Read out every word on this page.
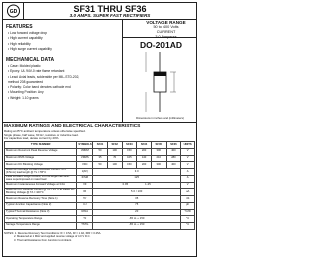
GD	SF31 THRU SF36
3.0 AMPS. SUPER FAST RECTIFIERS
FEATURES
• Low forward voltage drop
• High current capability
• High reliability
• High surge current capability
MECHANICAL DATA
• Case: Molded plastic
• Epoxy: UL 94V-0 rate flame retardant
• Lead: Axial leads, solderable per MIL-STD-202,
method 208 guaranteed
• Polarity: Color band denotes cathode end
• Mounting Position: Any
• Weight: 1.10 grams
VOLTAGE RANGE
50 to 400 Volts
CURRENT
3.0 Amperes
DO-201AD
Dimensions in inches and (millimeters)
MAXIMUM RATINGS AND ELECTRICAL CHARACTERISTICS
Rating at 25°C ambient temperature unless otherwise specified.
Single phase, half wave, 60 Hz, resistive or inductive load.
For capacitive load, derate current by 20%.
TYPE NUMBER	SYMBOLS	SF31	SF32	SF33	SF34	SF35	SF36	UNITS
Maximum Recurrent Peak Reverse Voltage	VRRM	50	100	150	200	300	400	V
Maximum RMS Voltage	VRMS	35	70	105	140	210	280	V
Maximum DC Blocking Voltage	VDC	50	100	150	200	300	400	V
Maximum Average Forward Rectified Current .375" (9.5mm) lead length @ TL = 55°C	I(AV)	3.0						A
Peak Forward Surge Current, 8.3 ms single half sine-wave superimposed on rated load	IFSM	125						A
Maximum Instantaneous Forward Voltage at 3.0A	VF	0.95                    1.25						V
Maximum DC Reverse Current @ TA = 25°C at Rated DC Blocking Voltage @ TA = 100°C	IR	5.0 / 100						uA
Maximum Reverse Recovery Time (Note 1)	Trr	35						nS
Typical Junction Capacitance (Note 2)	CJ	75						pF
Typical Thermal Resistance (Note 3)	RθJA	20						°C/W
Operating Temperature Range	TJ	-65 to + 150						°C
Storage Temperature Range	TSTG	-65 to + 150						°C
NOTES: 1. Reverse Recovery Test Conditions: IF = 0.5A, IR = 1.0A, IRR = 0.25A.
2. Measured at 1 MHz and applied reverse voltage of 4.0 V D.C.
3. Thermal Resistance from Junction to Ambient.
